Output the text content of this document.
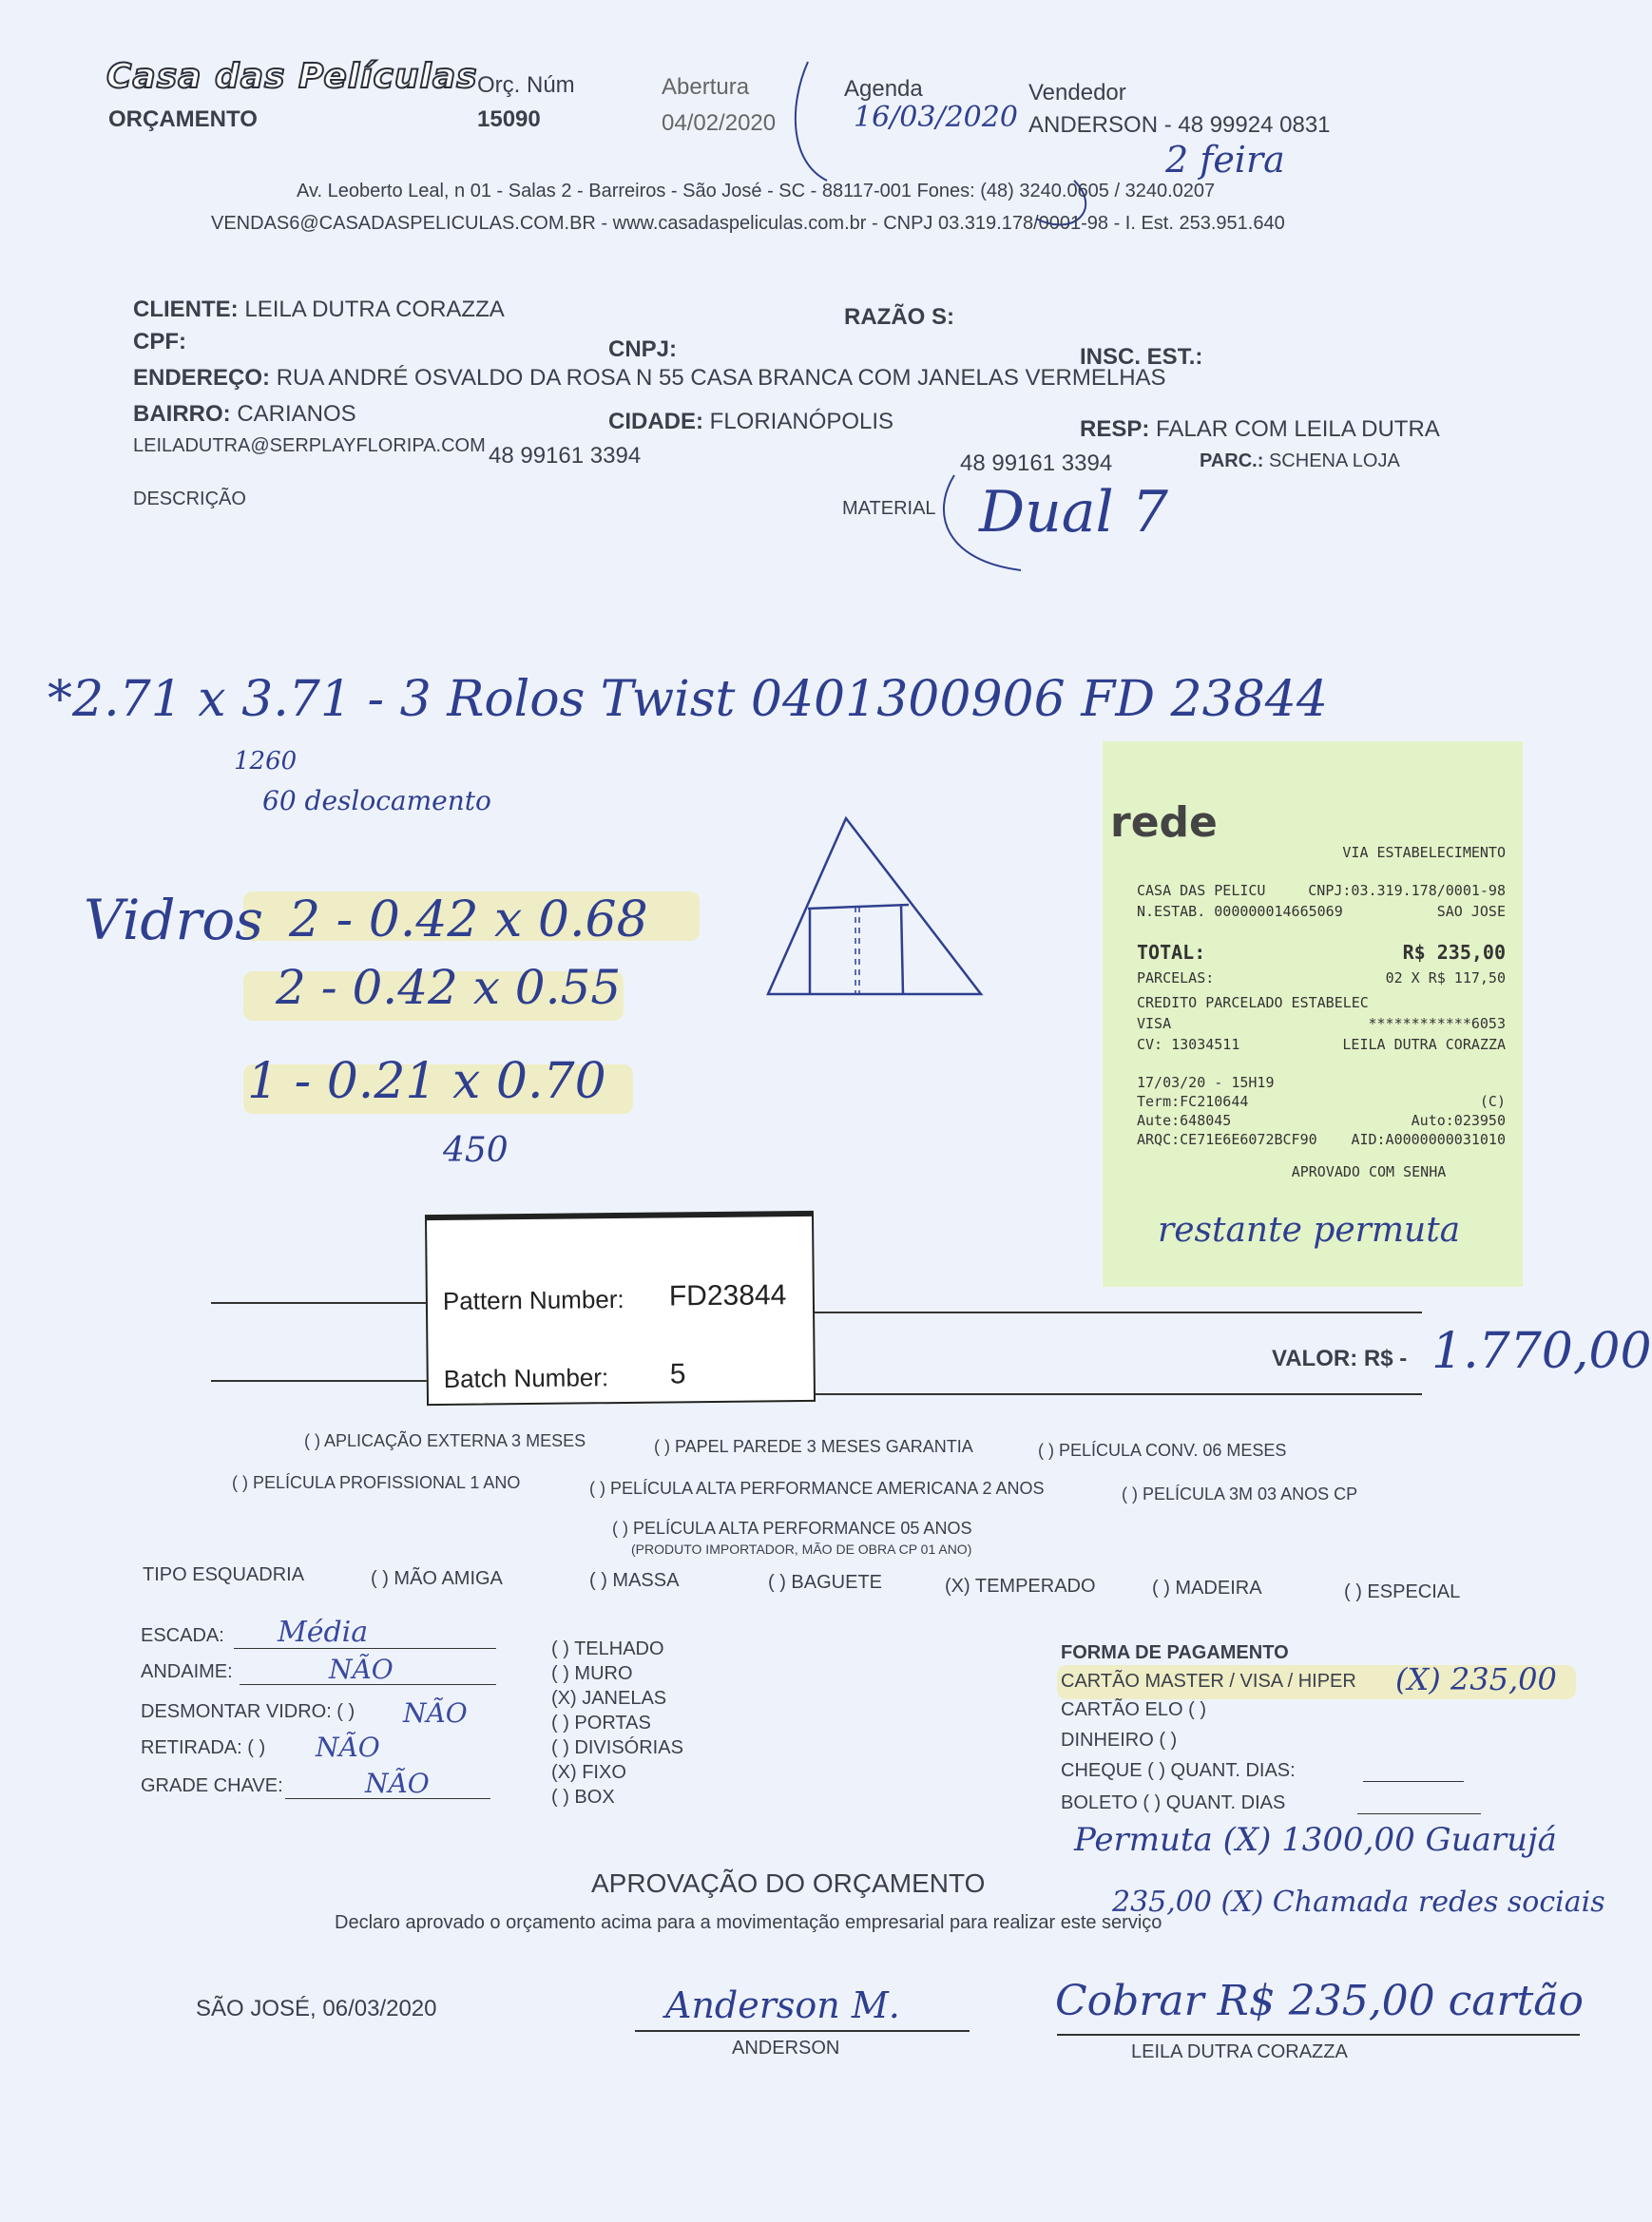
Casa das Películas
ORÇAMENTO
Orç. Núm
15090
Abertura
04/02/2020
Agenda
16/03/2020
Vendedor
ANDERSON - 48 99924 0831
2 feira
Av. Leoberto Leal, n 01 - Salas 2 - Barreiros - São José - SC - 88117-001 Fones: (48) 3240.0605 / 3240.0207
VENDAS6@CASADASPELICULAS.COM.BR - www.casadaspeliculas.com.br - CNPJ 03.319.178/0001-98 - I. Est. 253.951.640
CLIENTE: LEILA DUTRA CORAZZA	RAZÃO S:
CPF:	CNPJ:	INSC. EST.:
ENDEREÇO: RUA ANDRÉ OSVALDO DA ROSA N 55 CASA BRANCA COM JANELAS VERMELHAS
BAIRRO: CARIANOS	CIDADE: FLORIANÓPOLIS	RESP: FALAR COM LEILA DUTRA
LEILADUTRA@SERPLAYFLORIPA.COM 48 99161 3394	48 99161 3394	PARC.: SCHENA LOJA
DESCRIÇÃO	MATERIAL Dual 7
*2.71 x 3.71 - 3 Rolos Twist 0401300906 FD 23844
1260
60 deslocamento
Vidros 2 - 0.42 x 0.68
2 - 0.42 x 0.55
1 - 0.21 x 0.70
450
rede
VIA ESTABELECIMENTO
CASA DAS PELICU	CNPJ:03.319.178/0001-98
N.ESTAB. 000000014665069	SAO JOSE
TOTAL:	R$ 235,00
PARCELAS:	02 X R$ 117,50
CREDITO PARCELADO ESTABELEC
VISA	************6053
CV: 13034511	LEILA DUTRA CORAZZA
17/03/20 - 15H19
Term:FC210644	(C)
Aute:648045	Auto:023950
ARQC:CE71E6E6072BCF90 AID:A0000000031010
APROVADO COM SENHA
restante permuta
Pattern Number: FD23844
Batch Number: 5	VALOR: R$ - 1.770,00
( ) APLICAÇÃO EXTERNA 3 MESES	( ) PAPEL PAREDE 3 MESES GARANTIA	( ) PELÍCULA CONV. 06 MESES
( ) PELÍCULA PROFISSIONAL 1 ANO	( ) PELÍCULA ALTA PERFORMANCE AMERICANA 2 ANOS	( ) PELÍCULA 3M 03 ANOS CP
( ) PELÍCULA ALTA PERFORMANCE 05 ANOS
(PRODUTO IMPORTADOR, MÃO DE OBRA CP 01 ANO)
TIPO ESQUADRIA	( ) MÃO AMIGA	( ) MASSA	( ) BAGUETE	(X) TEMPERADO	( ) MADEIRA	( ) ESPECIAL
ESCADA: Média
ANDAIME:	NÃO
DESMONTAR VIDRO: ( ) NÃO
RETIRADA: ( ) NÃO
GRADE CHAVE:	NÃO
( ) TELHADO
( ) MURO
(X) JANELAS
( ) PORTAS
( ) DIVISÓRIAS
(X) FIXO
( ) BOX
FORMA DE PAGAMENTO
CARTÃO MASTER / VISA / HIPER (X) 235,00
CARTÃO ELO ( )
DINHEIRO ( )
CHEQUE ( ) QUANT. DIAS:
BOLETO ( ) QUANT. DIAS
Permuta (X) 1300,00 Guarujá
235,00 (X) Chamada redes sociais
APROVAÇÃO DO ORÇAMENTO
Declaro aprovado o orçamento acima para a movimentação empresarial para realizar este serviço
SÃO JOSÉ, 06/03/2020	Anderson M.
ANDERSON
Cobrar R$ 235,00 cartão
LEILA DUTRA CORAZZA
